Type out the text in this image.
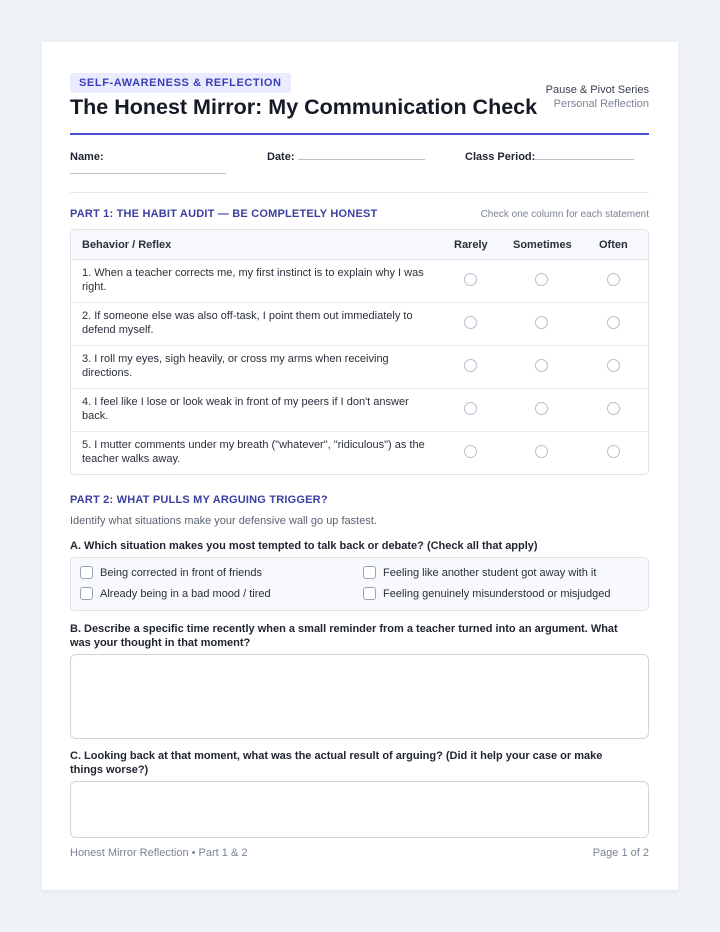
SELF-AWARENESS & REFLECTION
The Honest Mirror: My Communication Check
Pause & Pivot Series
Personal Reflection
Name:	Date:	Class Period:
PART 1: THE HABIT AUDIT — BE COMPLETELY HONEST	Check one column for each statement
Behavior / Reflex	Rarely Sometimes Often
1. When a teacher corrects me, my first instinct is to explain why I was right.
2. If someone else was also off-task, I point them out immediately to defend myself.
3. I roll my eyes, sigh heavily, or cross my arms when receiving directions.
4. I feel like I lose or look weak in front of my peers if I don't answer back.
5. I mutter comments under my breath ("whatever", "ridiculous") as the teacher walks away.
PART 2: WHAT PULLS MY ARGUING TRIGGER?
Identify what situations make your defensive wall go up fastest.
A. Which situation makes you most tempted to talk back or debate? (Check all that apply)
Being corrected in front of friends	Feeling like another student got away with it
Already being in a bad mood / tired	Feeling genuinely misunderstood or misjudged
B. Describe a specific time recently when a small reminder from a teacher turned into an argument. What was your thought in that moment?
C. Looking back at that moment, what was the actual result of arguing? (Did it help your case or make things worse?)
Honest Mirror Reflection • Part 1 & 2	Page 1 of 2
